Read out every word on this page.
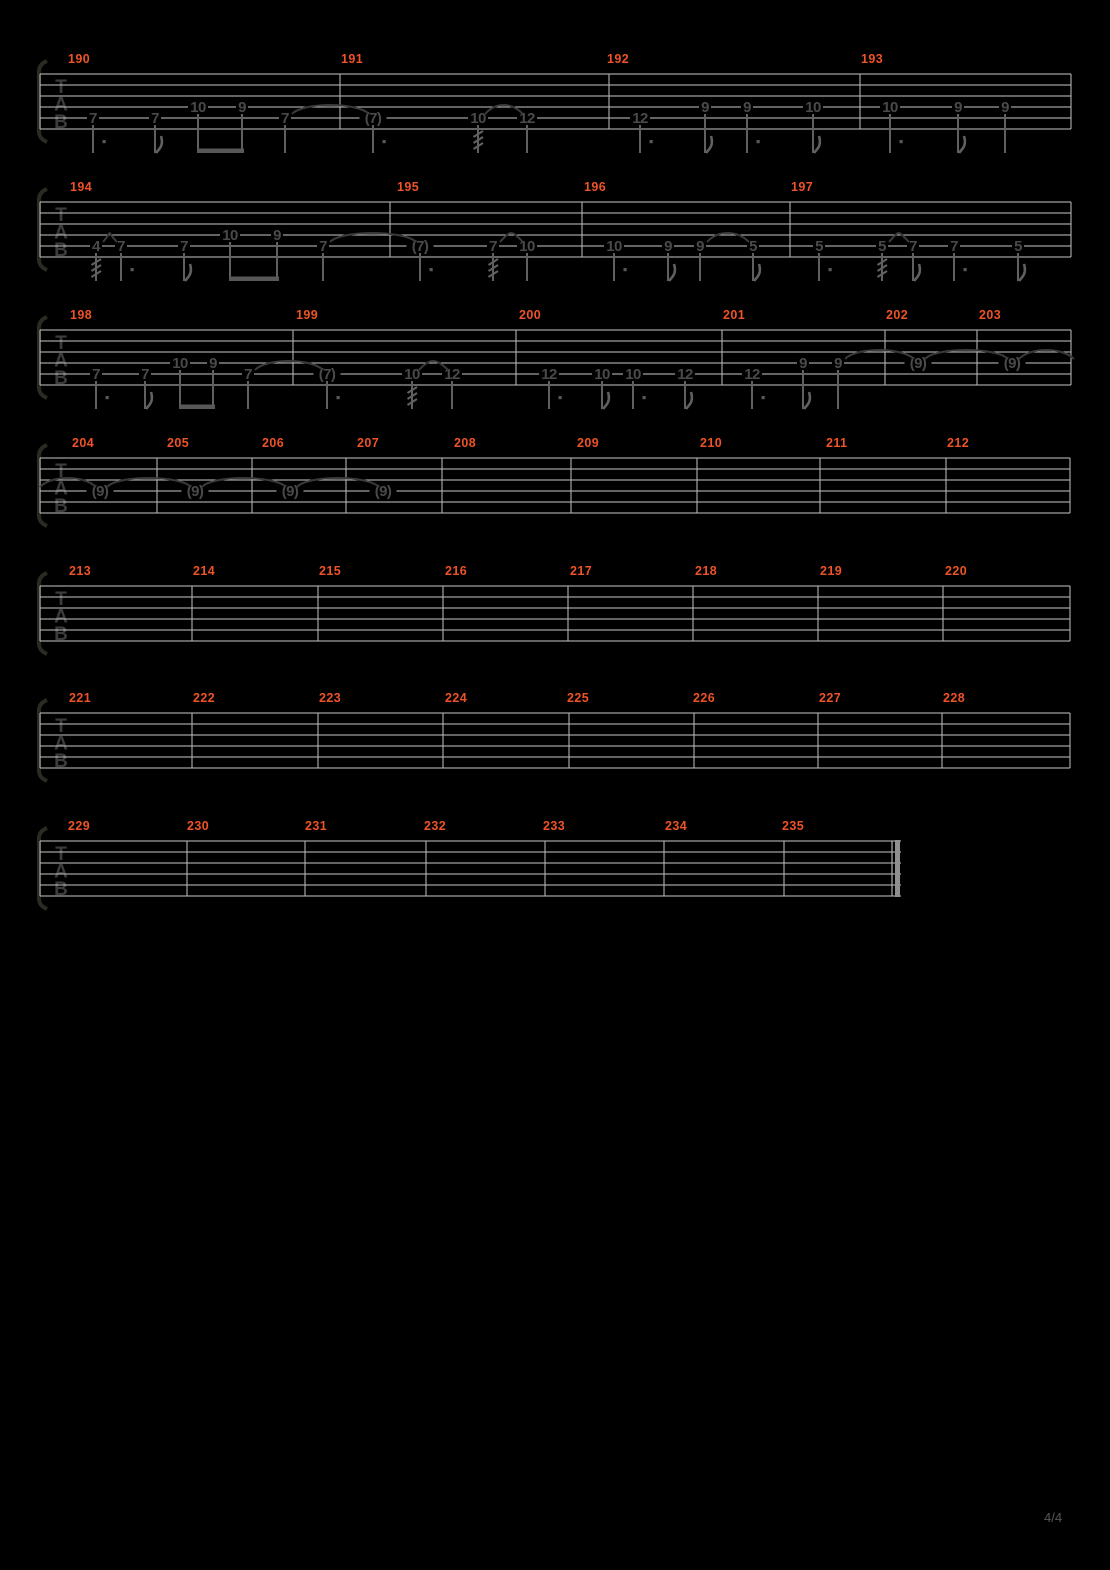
T
A
B
190	191	192	193
7	7
10 9
7	(7)	10 12	12
9 9	10	10	9	9
T
A
B
194	195	196	197
4 7	7
10 9
7	(7)	7 10	10	9 9	5	5	5 7 7	5
T
A
B
198	199	200	201	202	203
7	7
10 9
7	(7)	10 12	12	10 10 12	12
9 9	(9)	(9)
T
A
B
204	205	206	207	208	209	210	211	212
(9)	(9)	(9)	(9)
T
A
B
213	214	215	216	217	218	219	220
T
A
B
221	222	223	224	225	226	227	228
T
A
B
229	230	231	232	233	234	235
4/4
